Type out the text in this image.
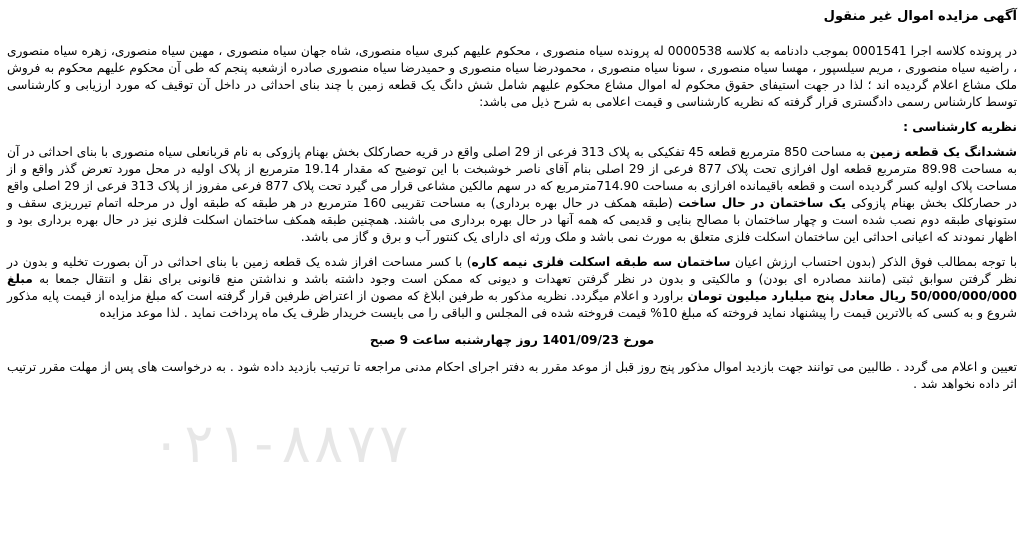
۰۲۱-۸۸۷۷
آگهی مزایده اموال غیر منقول

در پرونده کلاسه اجرا 0001541 بموجب دادنامه به کلاسه 0000538 له پرونده سیاه منصوری ، محکوم علیهم کبری سیاه منصوری، شاه جهان سیاه منصوری ، مهین سیاه منصوری، زهره سیاه منصوری ، راضیه سیاه منصوری ، مریم سیلسپور ، مهسا سیاه منصوری ، سونا سیاه منصوری ، محمودرضا سیاه منصوری و حمیدرضا سیاه منصوری صادره ازشعبه پنجم که طی آن محکوم علیهم محکوم به فروش ملک مشاع اعلام گردیده اند ؛ لذا در جهت استیفای حقوق محکوم له اموال مشاع محکوم علیهم شامل شش دانگ یک قطعه زمین با چند بنای احداثی در داخل آن توقیف که مورد ارزیابی و کارشناسی توسط کارشناس رسمی دادگستری قرار گرفته که نظریه کارشناسی و قیمت اعلامی به شرح ذیل می باشد:

نظریه کارشناسی :

ششدانگ یک قطعه زمین به مساحت 850 مترمربع قطعه 45 تفکیکی به پلاک 313 فرعی از 29 اصلی واقع در قریه حصارکلک بخش بهنام پازوکی به نام قربانعلی سیاه منصوری با بنای احداثی در آن به مساحت 89.98 مترمربع قطعه اول افرازی تحت پلاک 877 فرعی از 29 اصلی بنام آقای ناصر خوشبخت با این توضیح که مقدار 19.14 مترمربع از پلاک اولیه در محل مورد تعرض گذر واقع و از مساحت پلاک اولیه کسر گردیده است و قطعه باقیمانده افرازی به مساحت 714.90مترمربع که در سهم مالکین مشاعی قرار می گیرد تحت پلاک 877 فرعی مفروز از پلاک 313 فرعی از 29 اصلی واقع در حصارکلک بخش بهنام پازوکی یک ساختمان در حال ساخت (طبقه همکف در حال بهره برداری) به مساحت تقریبی 160 مترمربع در هر طبقه که طبقه اول در مرحله اتمام تیرریزی سقف و ستونهای طبقه دوم نصب شده است و چهار ساختمان با مصالح بنایی و قدیمی که همه آنها در حال بهره برداری می باشند. همچنین طبقه همکف ساختمان اسکلت فلزی نیز در حال بهره برداری بود و اظهار نمودند که اعیانی احداثی این ساختمان اسکلت فلزی متعلق به مورث نمی باشد و ملک ورثه ای دارای یک کنتور آب و برق و گاز می باشد.

با توجه بمطالب فوق الذکر (بدون احتساب ارزش اعیان ساختمان سه طبقه اسکلت فلزی نیمه کاره) با کسر مساحت افراز شده یک قطعه زمین با بنای احداثی در آن بصورت تخلیه و بدون در نظر گرفتن سوابق ثبتی (مانند مصادره ای بودن) و مالکیتی و بدون در نظر گرفتن تعهدات و دیونی که ممکن است وجود داشته باشد و نداشتن منع قانونی برای نقل و انتقال جمعا به مبلغ 50/000/000/000 ریال معادل پنج میلیارد میلیون تومان براورد و اعلام میگردد. نظریه مذکور به طرفین ابلاغ که مصون از اعتراض طرفین قرار گرفته است که مبلغ مزایده از قیمت پایه مذکور شروع و به کسی که بالاترین قیمت را پیشنهاد نماید فروخته که مبلغ 10% قیمت فروخته شده فی المجلس و الباقی را می بایست خریدار ظرف یک ماه پرداخت نماید . لذا موعد مزایده

مورخ 1401/09/23 روز چهارشنبه ساعت 9 صبح

تعیین و اعلام می گردد . طالبین می توانند جهت بازدید اموال مذکور پنج روز قبل از موعد مقرر به دفتر اجرای احکام مدنی مراجعه تا ترتیب بازدید داده شود . به درخواست های پس از مهلت مقرر ترتیب اثر داده نخواهد شد .
